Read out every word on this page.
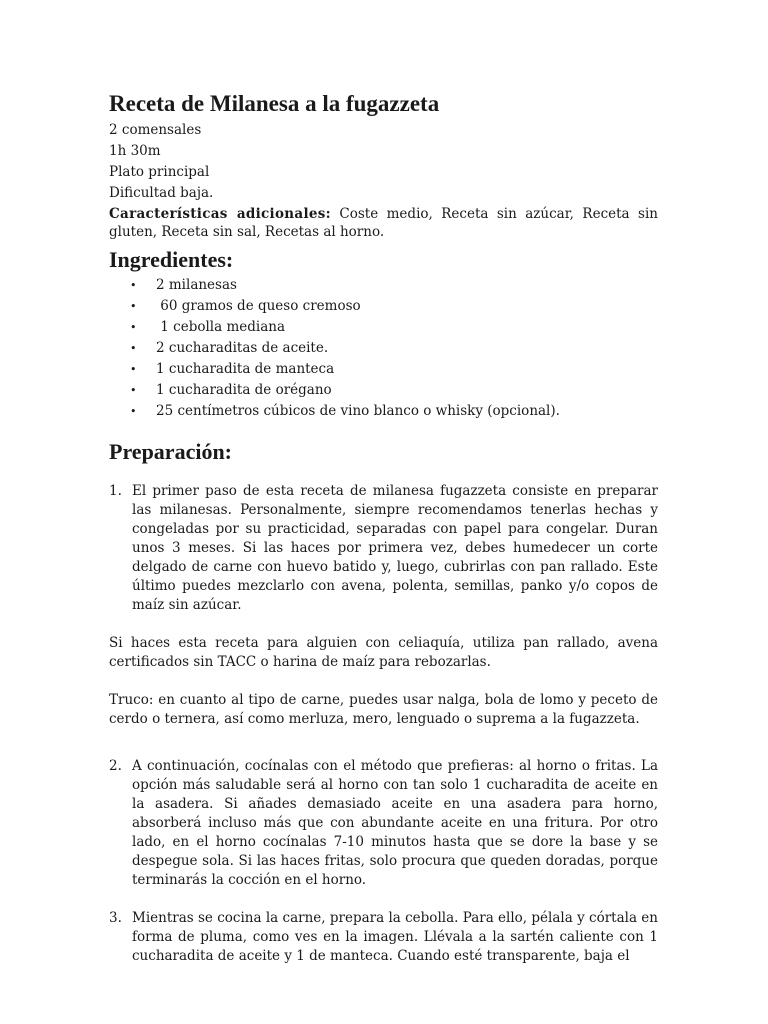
Receta de Milanesa a la fugazzeta
2 comensales
1h 30m
Plato principal
Dificultad baja.
Características adicionales: Coste medio, Receta sin azúcar, Receta sin gluten, Receta sin sal, Recetas al horno.
Ingredientes:
• 2 milanesas
• 60 gramos de queso cremoso
• 1 cebolla mediana
• 2 cucharaditas de aceite.
• 1 cucharadita de manteca
• 1 cucharadita de orégano
• 25 centímetros cúbicos de vino blanco o whisky (opcional).
Preparación:
1. El primer paso de esta receta de milanesa fugazzeta consiste en preparar las milanesas. Personalmente, siempre recomendamos tenerlas hechas y congeladas por su practicidad, separadas con papel para congelar. Duran unos 3 meses. Si las haces por primera vez, debes humedecer un corte delgado de carne con huevo batido y, luego, cubrirlas con pan rallado. Este último puedes mezclarlo con avena, polenta, semillas, panko y/o copos de maíz sin azúcar.

Si haces esta receta para alguien con celiaquía, utiliza pan rallado, avena certificados sin TACC o harina de maíz para rebozarlas.

Truco: en cuanto al tipo de carne, puedes usar nalga, bola de lomo y peceto de cerdo o ternera, así como merluza, mero, lenguado o suprema a la fugazzeta.

2. A continuación, cocínalas con el método que prefieras: al horno o fritas. La opción más saludable será al horno con tan solo 1 cucharadita de aceite en la asadera. Si añades demasiado aceite en una asadera para horno, absorberá incluso más que con abundante aceite en una fritura. Por otro lado, en el horno cocínalas 7-10 minutos hasta que se dore la base y se despegue sola. Si las haces fritas, solo procura que queden doradas, porque terminarás la cocción en el horno.
3. Mientras se cocina la carne, prepara la cebolla. Para ello, pélala y córtala en forma de pluma, como ves en la imagen. Llévala a la sartén caliente con 1 cucharadita de aceite y 1 de manteca. Cuando esté transparente, baja el
